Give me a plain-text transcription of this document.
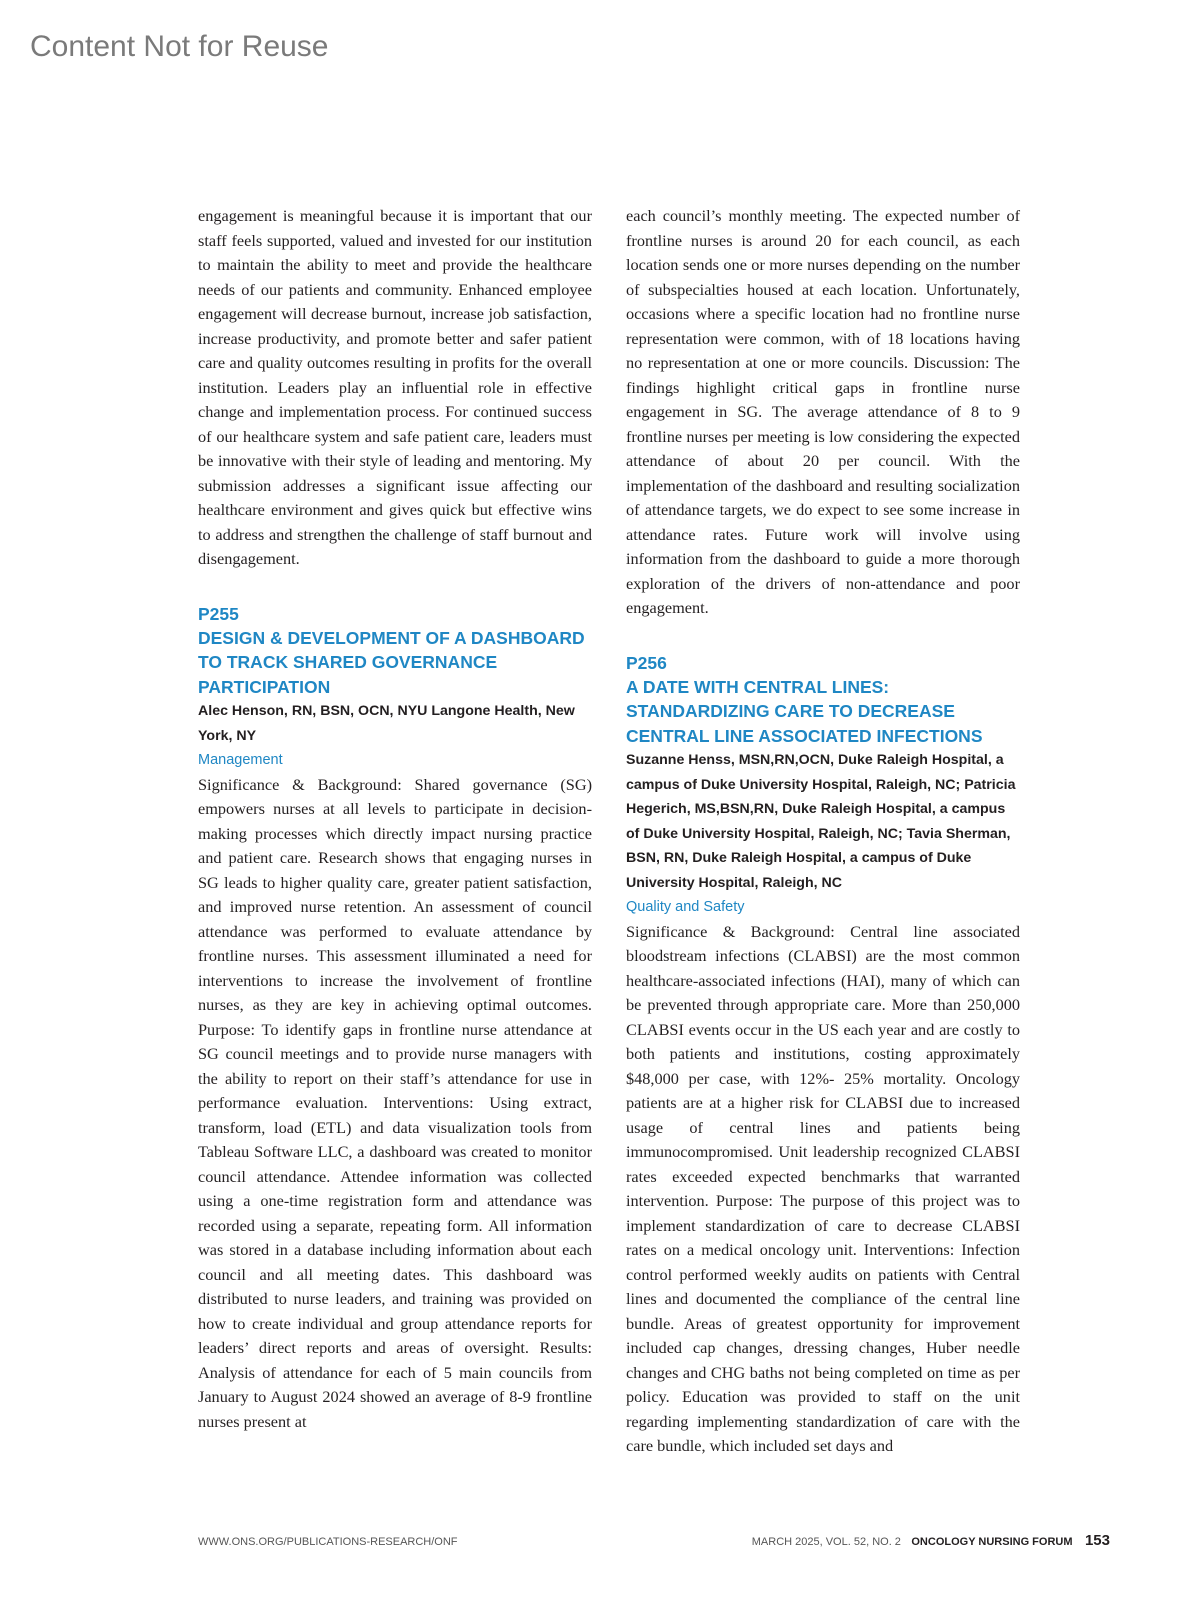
Content Not for Reuse

engagement is meaningful because it is important that our staff feels supported, valued and invested for our institution to maintain the ability to meet and provide the healthcare needs of our patients and community. Enhanced employee engagement will decrease burnout, increase job satisfaction, increase productivity, and promote better and safer patient care and quality outcomes resulting in profits for the overall institution. Leaders play an influential role in effective change and implementation process. For continued success of our healthcare system and safe patient care, leaders must be innovative with their style of leading and mentoring. My submission addresses a significant issue affecting our healthcare environment and gives quick but effective wins to address and strengthen the challenge of staff burnout and disengagement.

P255
DESIGN & DEVELOPMENT OF A DASHBOARD TO TRACK SHARED GOVERNANCE PARTICIPATION
Alec Henson, RN, BSN, OCN, NYU Langone Health, New York, NY
Management

Significance & Background: Shared governance (SG) empowers nurses at all levels to participate in decision-making processes which directly impact nursing practice and patient care. Research shows that engaging nurses in SG leads to higher quality care, greater patient satisfaction, and improved nurse retention. An assessment of council attendance was performed to evaluate attendance by frontline nurses. This assessment illuminated a need for interventions to increase the involvement of frontline nurses, as they are key in achieving optimal outcomes. Purpose: To identify gaps in frontline nurse attendance at SG council meetings and to provide nurse managers with the ability to report on their staff’s attendance for use in performance evaluation. Interventions: Using extract, transform, load (ETL) and data visualization tools from Tableau Software LLC, a dashboard was created to monitor council attendance. Attendee information was collected using a one-time registration form and attendance was recorded using a separate, repeating form. All information was stored in a database including information about each council and all meeting dates. This dashboard was distributed to nurse leaders, and training was provided on how to create individual and group attendance reports for leaders’ direct reports and areas of oversight. Results: Analysis of attendance for each of 5 main councils from January to August 2024 showed an average of 8-9 frontline nurses present at

each council’s monthly meeting. The expected number of frontline nurses is around 20 for each council, as each location sends one or more nurses depending on the number of subspecialties housed at each location. Unfortunately, occasions where a specific location had no frontline nurse representation were common, with of 18 locations having no representation at one or more councils. Discussion: The findings highlight critical gaps in frontline nurse engagement in SG. The average attendance of 8 to 9 frontline nurses per meeting is low considering the expected attendance of about 20 per council. With the implementation of the dashboard and resulting socialization of attendance targets, we do expect to see some increase in attendance rates. Future work will involve using information from the dashboard to guide a more thorough exploration of the drivers of non-attendance and poor engagement.

P256
A DATE WITH CENTRAL LINES: STANDARDIZING CARE TO DECREASE CENTRAL LINE ASSOCIATED INFECTIONS
Suzanne Henss, MSN,RN,OCN, Duke Raleigh Hospital, a campus of Duke University Hospital, Raleigh, NC; Patricia Hegerich, MS,BSN,RN, Duke Raleigh Hospital, a campus of Duke University Hospital, Raleigh, NC; Tavia Sherman, BSN, RN, Duke Raleigh Hospital, a campus of Duke University Hospital, Raleigh, NC
Quality and Safety

Significance & Background: Central line associated bloodstream infections (CLABSI) are the most common healthcare-associated infections (HAI), many of which can be prevented through appropriate care. More than 250,000 CLABSI events occur in the US each year and are costly to both patients and institutions, costing approximately $48,000 per case, with 12%- 25% mortality. Oncology patients are at a higher risk for CLABSI due to increased usage of central lines and patients being immunocompromised. Unit leadership recognized CLABSI rates exceeded expected benchmarks that warranted intervention. Purpose: The purpose of this project was to implement standardization of care to decrease CLABSI rates on a medical oncology unit. Interventions: Infection control performed weekly audits on patients with Central lines and documented the compliance of the central line bundle. Areas of greatest opportunity for improvement included cap changes, dressing changes, Huber needle changes and CHG baths not being completed on time as per policy. Education was provided to staff on the unit regarding implementing standardization of care with the care bundle, which included set days and

WWW.ONS.ORG/PUBLICATIONS-RESEARCH/ONF	MARCH 2025, VOL. 52, NO. 2 ONCOLOGY NURSING FORUM 153
